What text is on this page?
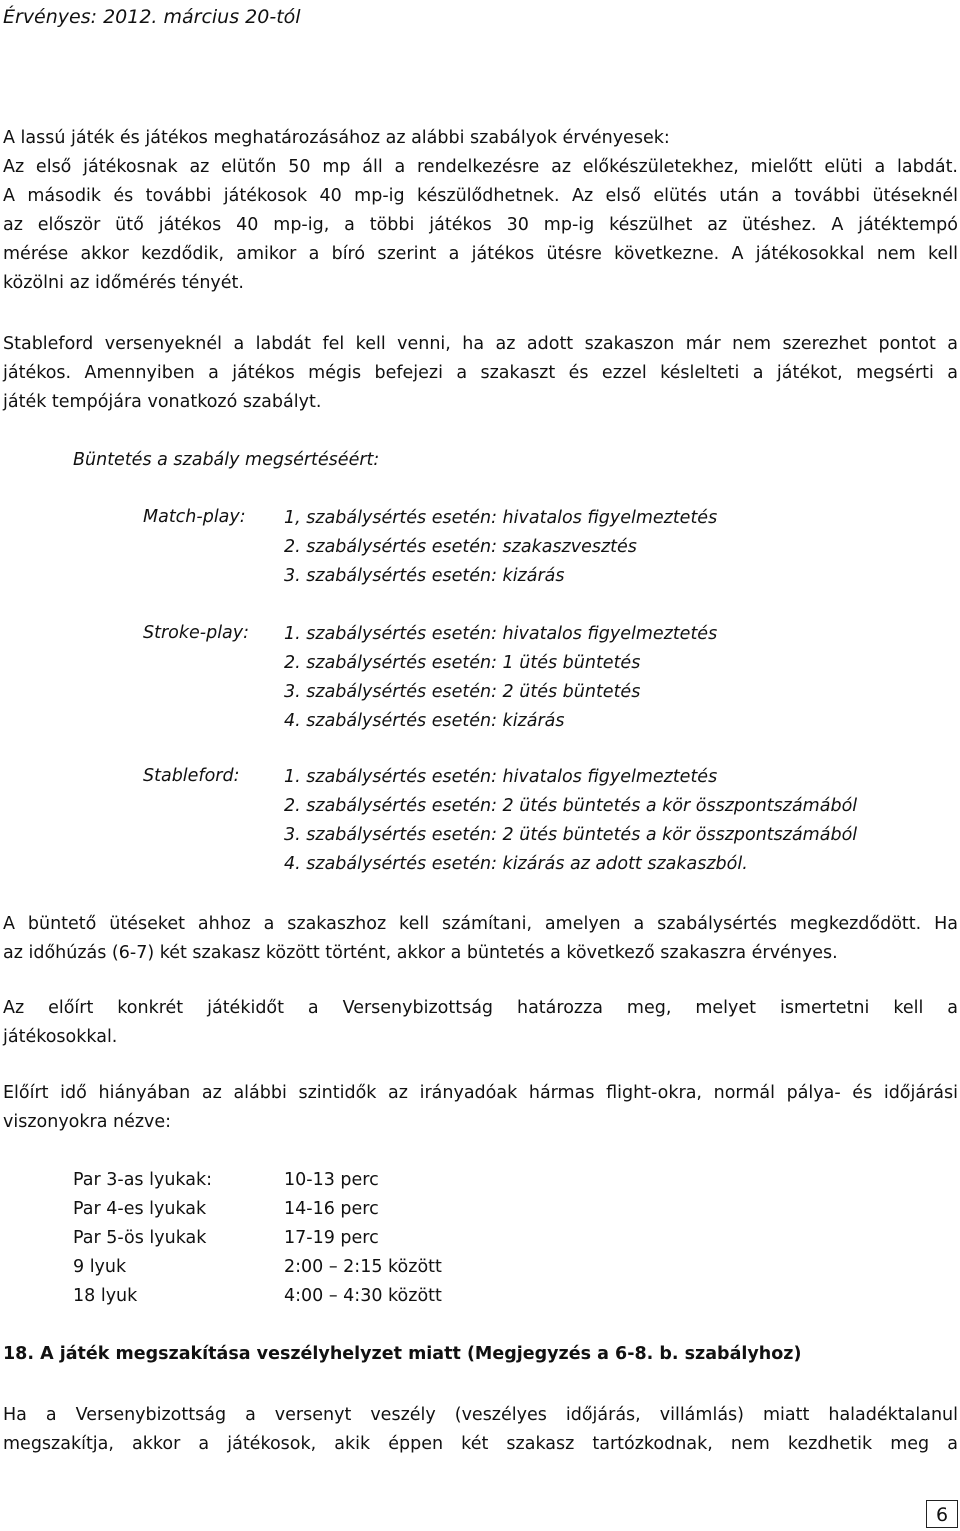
Érvényes: 2012. március 20-tól
A lassú játék és játékos meghatározásához az alábbi szabályok érvényesek:
Az első játékosnak az elütőn 50 mp áll a rendelkezésre az előkészületekhez, mielőtt elüti a labdát.
A második és további játékosok 40 mp-ig készülődhetnek. Az első elütés után a további ütéseknél
az először ütő játékos 40 mp-ig, a többi játékos 30 mp-ig készülhet az ütéshez. A játéktempó
mérése akkor kezdődik, amikor a bíró szerint a játékos ütésre következne. A játékosokkal nem kell
közölni az időmérés tényét.
Stableford versenyeknél a labdát fel kell venni, ha az adott szakaszon már nem szerezhet pontot a
játékos. Amennyiben a játékos mégis befejezi a szakaszt és ezzel késlelteti a játékot, megsérti a
játék tempójára vonatkozó szabályt.
Büntetés a szabály megsértéséért:
Match-play: 1, szabálysértés esetén: hivatalos figyelmeztetés
2. szabálysértés esetén: szakaszvesztés
3. szabálysértés esetén: kizárás
Stroke-play: 1. szabálysértés esetén: hivatalos figyelmeztetés
2. szabálysértés esetén: 1 ütés büntetés
3. szabálysértés esetén: 2 ütés büntetés
4. szabálysértés esetén: kizárás
Stableford:	1. szabálysértés esetén: hivatalos figyelmeztetés
2. szabálysértés esetén: 2 ütés büntetés a kör összpontszámából
3. szabálysértés esetén: 2 ütés büntetés a kör összpontszámából
4. szabálysértés esetén: kizárás az adott szakaszból.
A büntető ütéseket ahhoz a szakaszhoz kell számítani, amelyen a szabálysértés megkezdődött. Ha
az időhúzás (6-7) két szakasz között történt, akkor a büntetés a következő szakaszra érvényes.
Az előírt konkrét játékidőt a Versenybizottság határozza meg, melyet ismertetni kell a
játékosokkal.
Előírt idő hiányában az alábbi szintidők az irányadóak hármas flight-okra, normál pálya- és időjárási
viszonyokra nézve:
Par 3-as lyukak:
Par 4-es lyukak
Par 5-ös lyukak
9 lyuk
18 lyuk
10-13 perc
14-16 perc
17-19 perc
2:00 – 2:15 között
4:00 – 4:30 között
18. A játék megszakítása veszélyhelyzet miatt (Megjegyzés a 6-8. b. szabályhoz)
Ha a Versenybizottság a versenyt veszély (veszélyes időjárás, villámlás) miatt haladéktalanul
megszakítja, akkor a játékosok, akik éppen két szakasz tartózkodnak, nem kezdhetik meg a
6
